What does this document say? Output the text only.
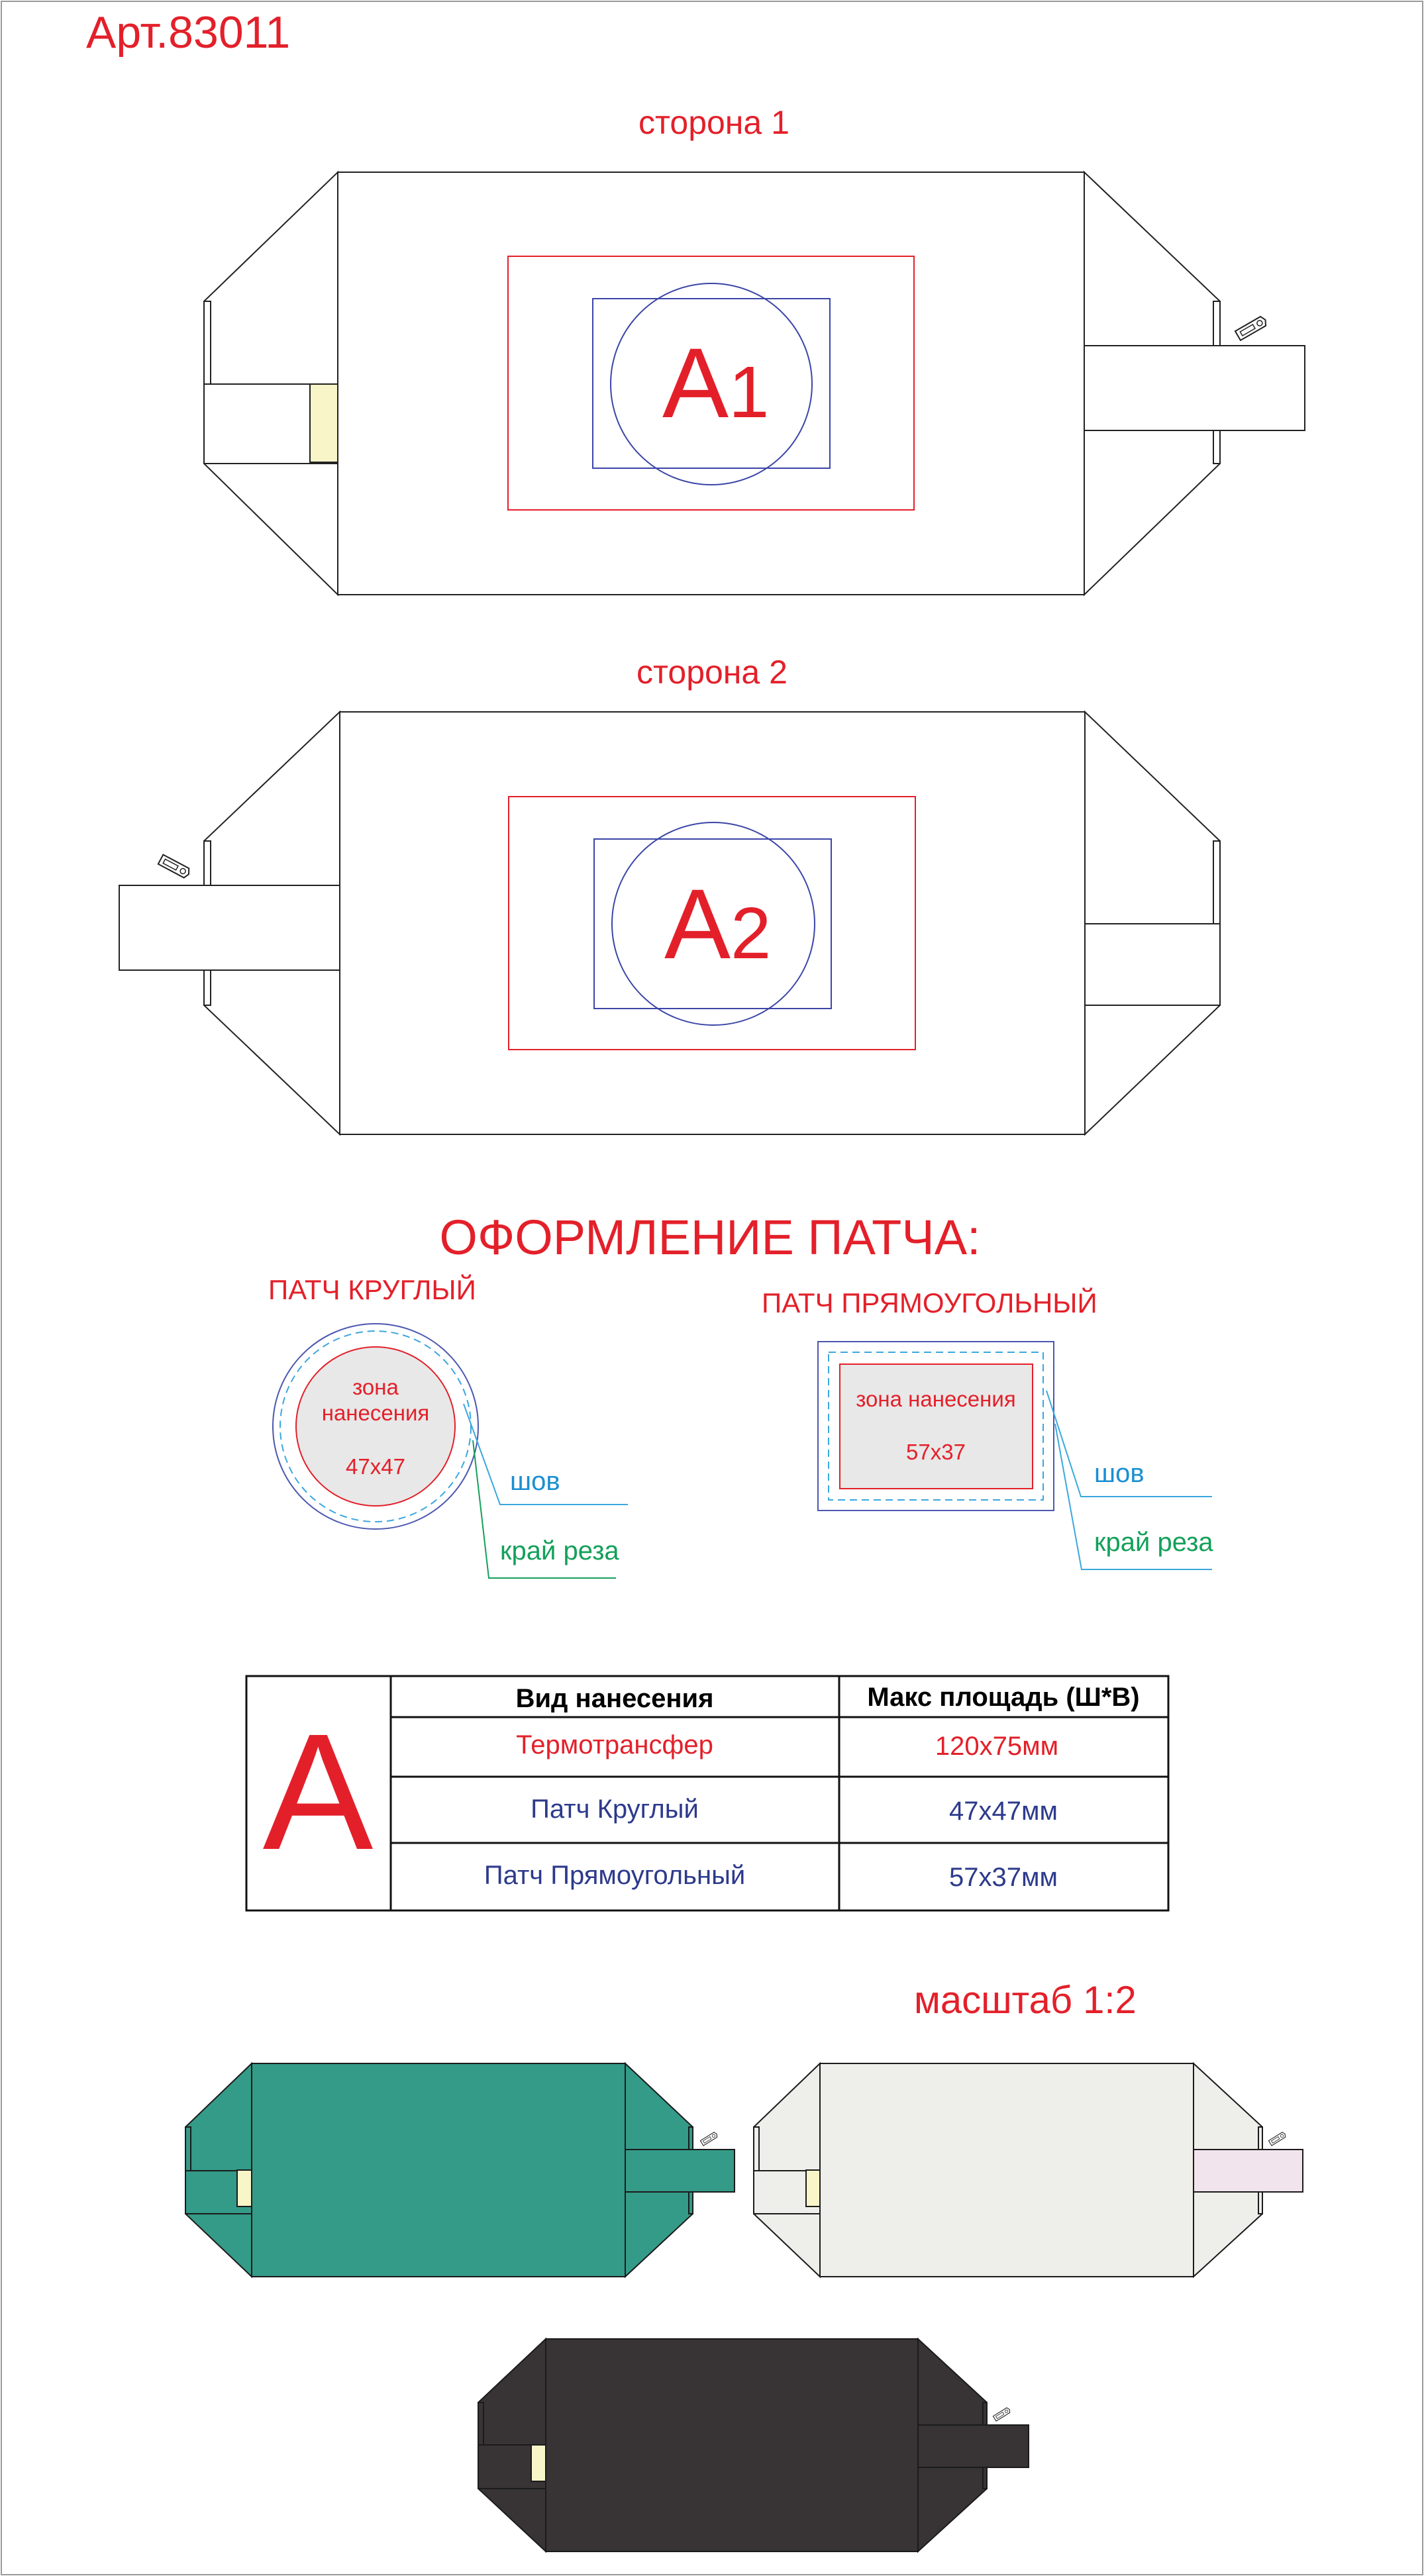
Арт.83011
сторона 1
А1
сторона 2
А2
ОФОРМЛЕНИЕ ПАТЧА:
ПАТЧ КРУГЛЫЙ
зона
нанесения
47х47
шов
край реза
ПАТЧ ПРЯМОУГОЛЬНЫЙ
зона нанесения
57х37
шов
край реза
А
Вид нанесения	Макс площадь (Ш*В)
Термотрансфер	120х75мм
Патч Круглый	47х47мм
Патч Прямоугольный	57х37мм
масштаб 1:2
